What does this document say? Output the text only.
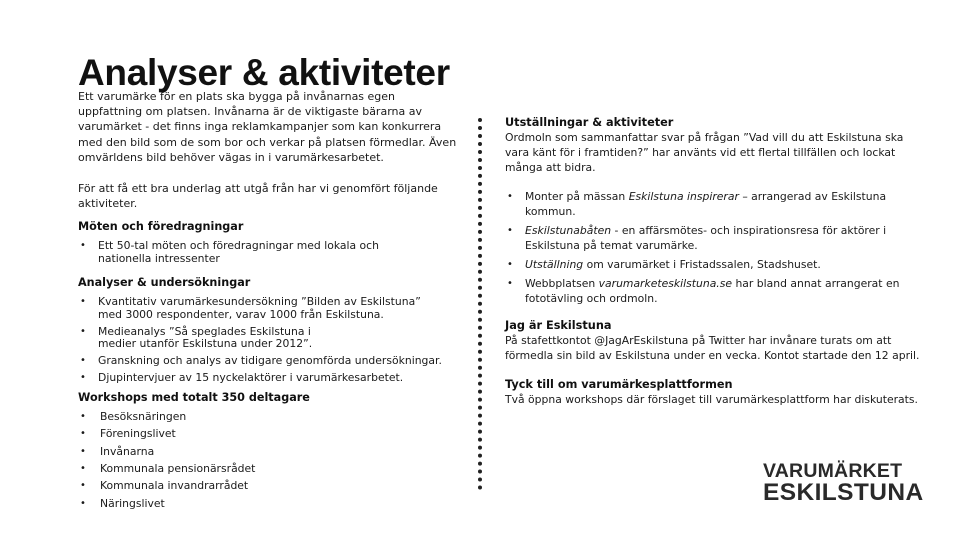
Analyser & aktiviteter

Ett varumärke för en plats ska bygga på invånarnas egen uppfattning om platsen. Invånarna är de viktigaste bärarna av varumärket - det finns inga reklamkampanjer som kan konkurrera med den bild som de som bor och verkar på platsen förmedlar. Även omvärldens bild behöver vägas in i varumärkesarbetet.

För att få ett bra underlag att utgå från har vi genomfört följande aktiviteter.

Möten och föredragningar
• Ett 50-tal möten och föredragningar med lokala och nationella intressenter
Analyser & undersökningar
• Kvantitativ varumärkesundersökning ”Bilden av Eskilstuna” med 3000 respondenter, varav 1000 från Eskilstuna.
• Medieanalys ”Så speglades Eskilstuna i medier utanför Eskilstuna under 2012”.
• Granskning och analys av tidigare genomförda undersökningar.
• Djupintervjuer av 15 nyckelaktörer i varumärkesarbetet.
Workshops med totalt 350 deltagare
• Besöksnäringen
• Föreningslivet
• Invånarna
• Kommunala pensionärsrådet
• Kommunala invandrarrådet
• Näringslivet
Utställningar & aktiviteter

Ordmoln som sammanfattar svar på frågan ”Vad vill du att Eskilstuna ska vara känt för i framtiden?” har använts vid ett flertal tillfällen och lockat många att bidra.

• Monter på mässan Eskilstuna inspirerar – arrangerad av Eskilstuna kommun.
• Eskilstunabåten - en affärsmötes- och inspirationsresa för aktörer i Eskilstuna på temat varumärke.
• Utställning om varumärket i Fristadssalen, Stadshuset.
• Webbplatsen varumarketeskilstuna.se har bland annat arrangerat en fototävling och ordmoln.
Jag är Eskilstuna

På stafettkontot @JagArEskilstuna på Twitter har invånare turats om att förmedla sin bild av Eskilstuna under en vecka. Kontot startade den 12 april.

Tyck till om varumärkesplattformen

Två öppna workshops där förslaget till varumärkesplattform har diskuterats.

VARUMÄRKET
ESKILSTUNA
